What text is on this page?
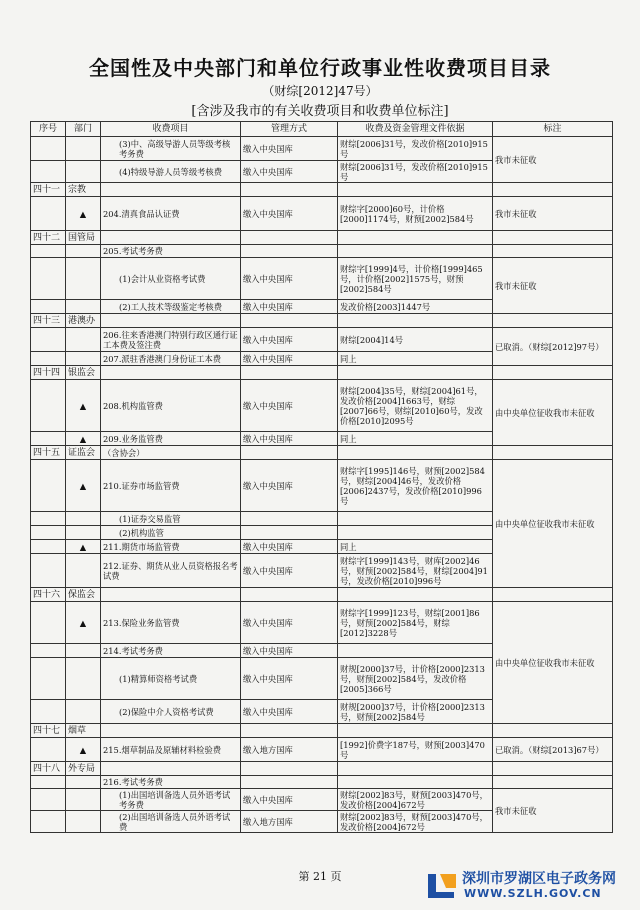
全国性及中央部门和单位行政事业性收费项目目录
（财综[2012]47号）
[含涉及我市的有关收费项目和收费单位标注]
序号	部门	收费项目	管理方式	收费及资金管理文件依据	标注
		(3)中、高级导游人员等级考核考务费	缴入中央国库	财综[2006]31号，发改价格[2010]915号	我市未征收
		(4)特级导游人员等级考核费	缴入中央国库	财综[2006]31号，发改价格[2010]915号	
四十一	宗教				
	▲	204.清真食品认证费	缴入中央国库	财综字[2000]60号，计价格[2000]1174号，财预[2002]584号	我市未征收
四十二	国管局				
		205.考试考务费			
		(1)会计从业资格考试费	缴入中央国库	财综字[1999]4号，计价格[1999]465号，计价格[2002]1575号，财预[2002]584号	我市未征收
		(2)工人技术等级鉴定考核费	缴入中央国库	发改价格[2003]1447号	
四十三	港澳办				
		206.往来香港澳门特别行政区通行证工本费及签注费	缴入中央国库	财综[2004]14号	已取消。（财综[2012]97号）
		207.派驻香港澳门身份证工本费	缴入中央国库	同上	
四十四	银监会				
	▲	208.机构监管费	缴入中央国库	财综[2004]35号，财综[2004]61号，发改价格[2004]1663号，财综[2007]66号，财综[2010]60号，发改价格[2010]2095号	由中央单位征收我市未征收
	▲	209.业务监管费	缴入中央国库	同上	
四十五	证监会	（含协会）			
	▲	210.证券市场监管费	缴入中央国库	财综字[1995]146号，财预[2002]584号，财综[2004]46号，发改价格[2006]2437号，发改价格[2010]996号	由中央单位征收我市未征收
		(1)证券交易监管			
		(2)机构监管			
	▲	211.期货市场监管费	缴入中央国库	同上	
		212.证券、期货从业人员资格报名考试费	缴入中央国库	财综字[1999]143号，财库[2002]46号，财预[2002]584号，财综[2004]91号，发改价格[2010]996号	
四十六	保监会				
	▲	213.保险业务监管费	缴入中央国库	财综字[1999]123号，财综[2001]86号，财预[2002]584号，财综[2012]3228号	由中央单位征收我市未征收
		214.考试考务费	缴入中央国库		
		(1)精算师资格考试费	缴入中央国库	财规[2000]37号，计价格[2000]2313号，财预[2002]584号，发改价格[2005]366号	
		(2)保险中介人资格考试费	缴入中央国库	财规[2000]37号，计价格[2000]2313号，财预[2002]584号	
四十七	烟草				
	▲	215.烟草制品及原辅材料检验费	缴入地方国库	[1992]价费字187号，财预[2003]470号	已取消。（财综[2013]67号）
四十八	外专局				
		216.考试考务费			
		(1)出国培训备选人员外语考试考务费	缴入中央国库	财综[2002]83号，财预[2003]470号，发改价格[2004]672号	我市未征收
		(2)出国培训备选人员外语考试费	缴入地方国库	财综[2002]83号，财预[2003]470号，发改价格[2004]672号	
第 21 页	深圳市罗湖区电子政务网
WWW.SZLH.GOV.CN
